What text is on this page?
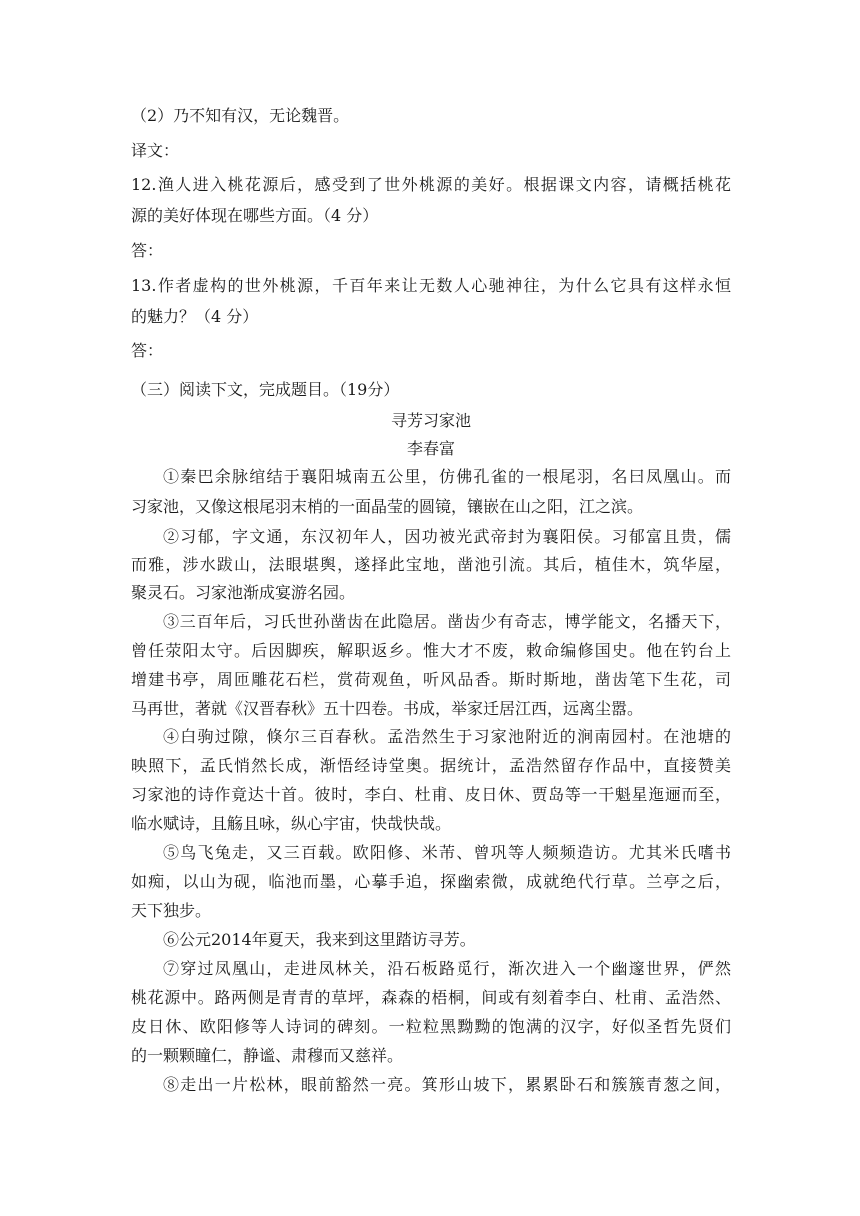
（2）乃不知有汉，无论魏晋。
译文：
12.渔人进入桃花源后，感受到了世外桃源的美好。根据课文内容，请概括桃花
源的美好体现在哪些方面。（4 分）
答：
13.作者虚构的世外桃源，千百年来让无数人心驰神往，为什么它具有这样永恒
的魅力？（4 分）
答：
（三）阅读下文，完成题目。（19分）
寻芳习家池
李春富
①秦巴余脉绾结于襄阳城南五公里，仿佛孔雀的一根尾羽，名曰凤凰山。而
习家池，又像这根尾羽末梢的一面晶莹的圆镜，镶嵌在山之阳，江之滨。
②习郁，字文通，东汉初年人，因功被光武帝封为襄阳侯。习郁富且贵，儒
而雅，涉水跋山，法眼堪舆，遂择此宝地，凿池引流。其后，植佳木，筑华屋，
聚灵石。习家池渐成宴游名园。
③三百年后，习氏世孙凿齿在此隐居。凿齿少有奇志，博学能文，名播天下，
曾任荥阳太守。后因脚疾，解职返乡。惟大才不废，敕命编修国史。他在钓台上
增建书亭，周匝雕花石栏，赏荷观鱼，听风品香。斯时斯地，凿齿笔下生花，司
马再世，著就《汉晋春秋》五十四卷。书成，举家迁居江西，远离尘嚣。
④白驹过隙，倏尔三百春秋。孟浩然生于习家池附近的涧南园村。在池塘的
映照下，孟氏悄然长成，渐悟经诗堂奥。据统计，孟浩然留存作品中，直接赞美
习家池的诗作竟达十首。彼时，李白、杜甫、皮日休、贾岛等一干魁星迤逦而至，
临水赋诗，且觞且咏，纵心宇宙，快哉快哉。
⑤鸟飞兔走，又三百载。欧阳修、米芾、曾巩等人频频造访。尤其米氏嗜书
如痴，以山为砚，临池而墨，心摹手追，探幽索微，成就绝代行草。兰亭之后，
天下独步。
⑥公元2014年夏天，我来到这里踏访寻芳。
⑦穿过凤凰山，走进凤林关，沿石板路觅行，渐次进入一个幽邃世界，俨然
桃花源中。路两侧是青青的草坪，森森的梧桐，间或有刻着李白、杜甫、孟浩然、
皮日休、欧阳修等人诗词的碑刻。一粒粒黑黝黝的饱满的汉字，好似圣哲先贤们
的一颗颗瞳仁，静谧、肃穆而又慈祥。
⑧走出一片松林，眼前豁然一亮。箕形山坡下，累累卧石和簇簇青葱之间，
